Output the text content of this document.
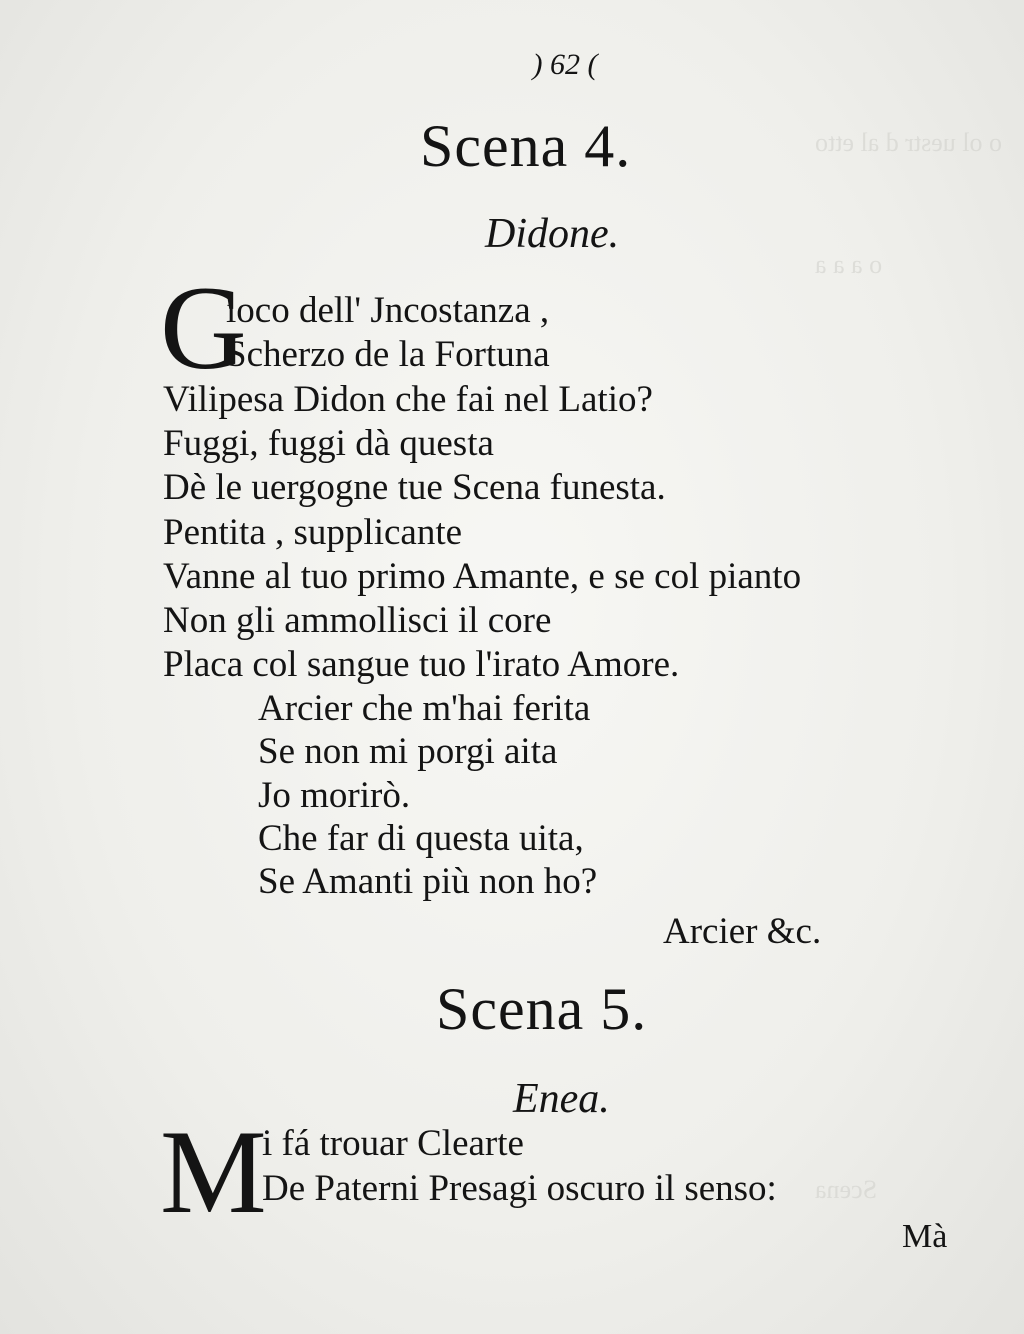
o ol uestr d al etto
o a a a
Scena
) 62 (
Scena 4.
Didone.
G
ioco dell' Jncostanza ,
Scherzo de la Fortuna
Vilipesa Didon che fai nel Latio?
Fuggi, fuggi dà questa
Dè le uergogne tue Scena funesta.
Pentita , supplicante
Vanne al tuo primo Amante, e se col pianto
Non gli ammollisci il core
Placa col sangue tuo l'irato Amore.
Arcier che m'hai ferita
Se non mi porgi aita
Jo morirò.
Che far di questa uita,
Se Amanti più non ho?
Arcier &c.
Scena 5.
Enea.
M
i fá trouar Clearte
De Paterni Presagi oscuro il senso:
Mà
